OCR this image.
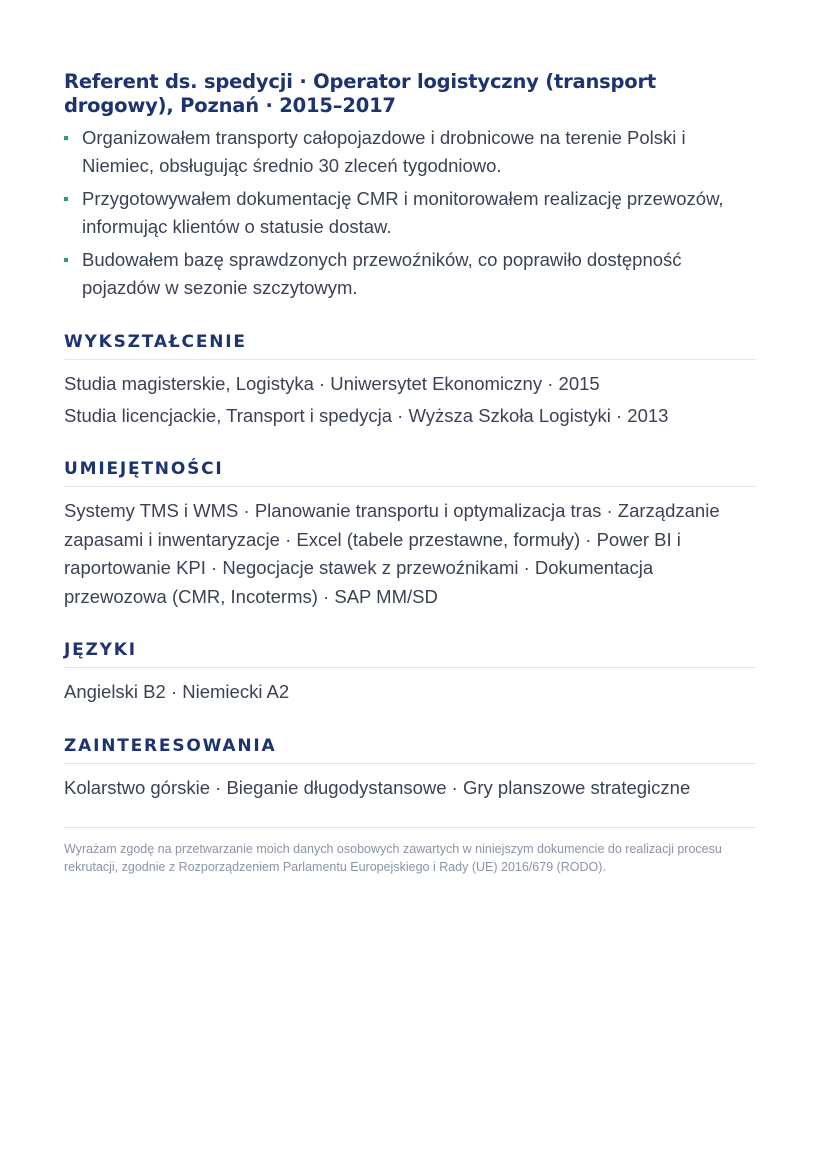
Referent ds. spedycji · Operator logistyczny (transport drogowy), Poznań · 2015–2017
Organizowałem transporty całopojazdowe i drobnicowe na terenie Polski i Niemiec, obsługując średnio 30 zleceń tygodniowo.
Przygotowywałem dokumentację CMR i monitorowałem realizację przewozów, informując klientów o statusie dostaw.
Budowałem bazę sprawdzonych przewoźników, co poprawiło dostępność pojazdów w sezonie szczytowym.
WYKSZTAŁCENIE

Studia magisterskie, Logistyka · Uniwersytet Ekonomiczny · 2015

Studia licencjackie, Transport i spedycja · Wyższa Szkoła Logistyki · 2013

UMIEJĘTNOŚCI

Systemy TMS i WMS · Planowanie transportu i optymalizacja tras · Zarządzanie zapasami i inwentaryzacje · Excel (tabele przestawne, formuły) · Power BI i raportowanie KPI · Negocjacje stawek z przewoźnikami · Dokumentacja przewozowa (CMR, Incoterms) · SAP MM/SD

JĘZYKI

Angielski B2 · Niemiecki A2

ZAINTERESOWANIA

Kolarstwo górskie · Bieganie długodystansowe · Gry planszowe strategiczne

Wyrażam zgodę na przetwarzanie moich danych osobowych zawartych w niniejszym dokumencie do realizacji procesu rekrutacji, zgodnie z Rozporządzeniem Parlamentu Europejskiego i Rady (UE) 2016/679 (RODO).
